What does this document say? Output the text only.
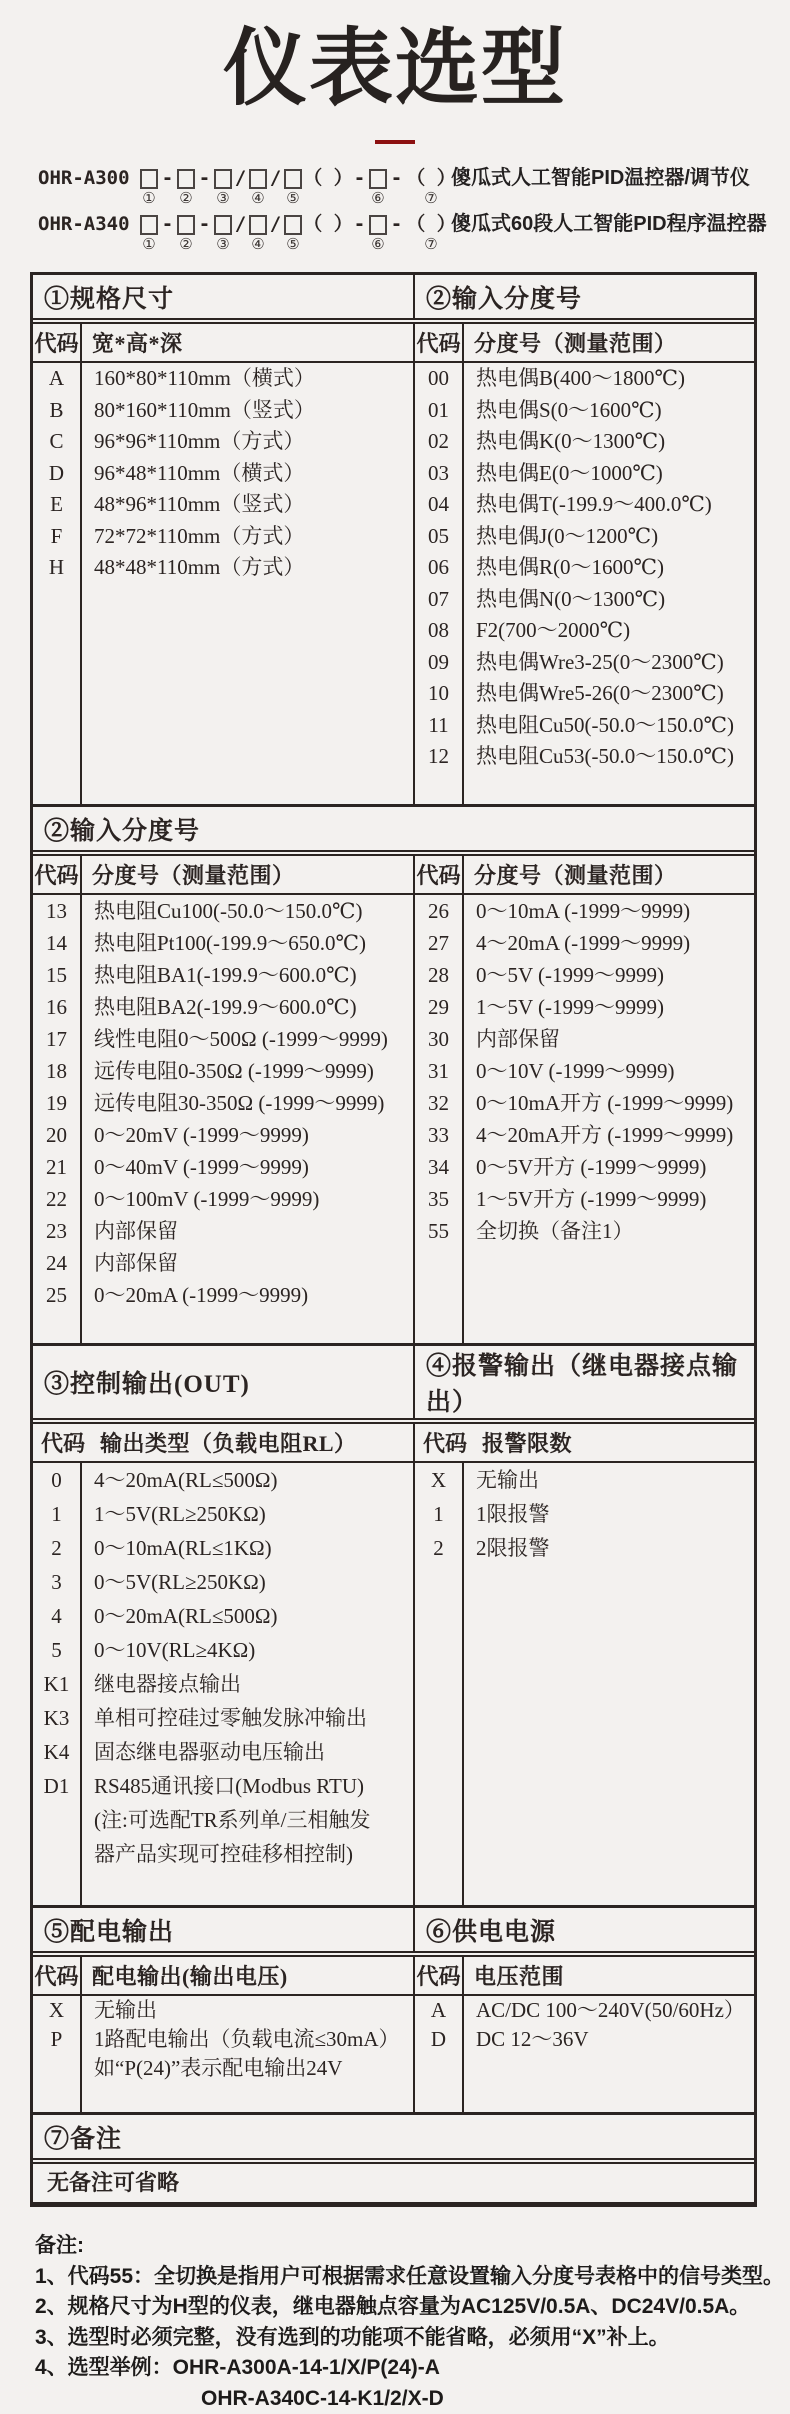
仪表选型
OHR-A300
①
-
②
-
③
/
④
/
⑤
（ ） -
⑥
- （ ）
⑦
傻瓜式人工智能PID温控器/调节仪
OHR-A340
①
-
②
-
③
/
④
/
⑤
（ ） -
⑥
- （ ）
⑦
傻瓜式60段人工智能PID程序温控器
①规格尺寸	②输入分度号
代码 宽*高*深
A	160*80*110mm（横式）
B	80*160*110mm（竖式）
C	96*96*110mm（方式）
D	96*48*110mm（横式）
E	48*96*110mm（竖式）
F	72*72*110mm（方式）
H	48*48*110mm（方式）
代码 分度号（测量范围）
00	热电偶B(400～1800℃)
01	热电偶S(0～1600℃)
02	热电偶K(0～1300℃)
03	热电偶E(0～1000℃)
04	热电偶T(-199.9～400.0℃)
05	热电偶J(0～1200℃)
06	热电偶R(0～1600℃)
07	热电偶N(0～1300℃)
08	F2(700～2000℃)
09	热电偶Wre3-25(0～2300℃)
10	热电偶Wre5-26(0～2300℃)
11	热电阻Cu50(-50.0～150.0℃)
12	热电阻Cu53(-50.0～150.0℃)
②输入分度号
代码 分度号（测量范围）
13	热电阻Cu100(-50.0～150.0℃)
14	热电阻Pt100(-199.9～650.0℃)
15	热电阻BA1(-199.9～600.0℃)
16	热电阻BA2(-199.9～600.0℃)
17	线性电阻0～500Ω (-1999～9999)
18	远传电阻0-350Ω (-1999～9999)
19	远传电阻30-350Ω (-1999～9999)
20	0～20mV (-1999～9999)
21	0～40mV (-1999～9999)
22	0～100mV (-1999～9999)
23	内部保留
24	内部保留
25	0～20mA (-1999～9999)
代码 分度号（测量范围）
26	0～10mA (-1999～9999)
27	4～20mA (-1999～9999)
28	0～5V (-1999～9999)
29	1～5V (-1999～9999)
30	内部保留
31	0～10V (-1999～9999)
32	0～10mA开方 (-1999～9999)
33	4～20mA开方 (-1999～9999)
34	0～5V开方 (-1999～9999)
35	1～5V开方 (-1999～9999)
55	全切换（备注1）
③控制输出(OUT)
④报警输出（继电器接点输出）
代码 输出类型（负载电阻RL）
0	4～20mA(RL≤500Ω)
1	1～5V(RL≥250KΩ)
2	0～10mA(RL≤1KΩ)
3	0～5V(RL≥250KΩ)
4	0～20mA(RL≤500Ω)
5	0～10V(RL≥4KΩ)
K1	继电器接点输出
K3	单相可控硅过零触发脉冲输出
K4	固态继电器驱动电压输出
D1	RS485通讯接口(Modbus RTU)
(注:可选配TR系列单/三相触发
器产品实现可控硅移相控制)
代码 报警限数
X	无输出
1	1限报警
2	2限报警
⑤配电输出	⑥供电电源
代码 配电输出(输出电压)
X	无输出
P	1路配电输出（负载电流≤30mA）
如“P(24)”表示配电输出24V
代码 电压范围
A	AC/DC 100～240V(50/60Hz）
D	DC 12～36V
⑦备注
无备注可省略
备注:
1、代码55：全切换是指用户可根据需求任意设置输入分度号表格中的信号类型。
2、规格尺寸为H型的仪表，继电器触点容量为AC125V/0.5A、DC24V/0.5A。
3、选型时必须完整，没有选到的功能项不能省略，必须用“X”补上。
4、选型举例：OHR-A300A-14-1/X/P(24)-A
OHR-A340C-14-K1/2/X-D
